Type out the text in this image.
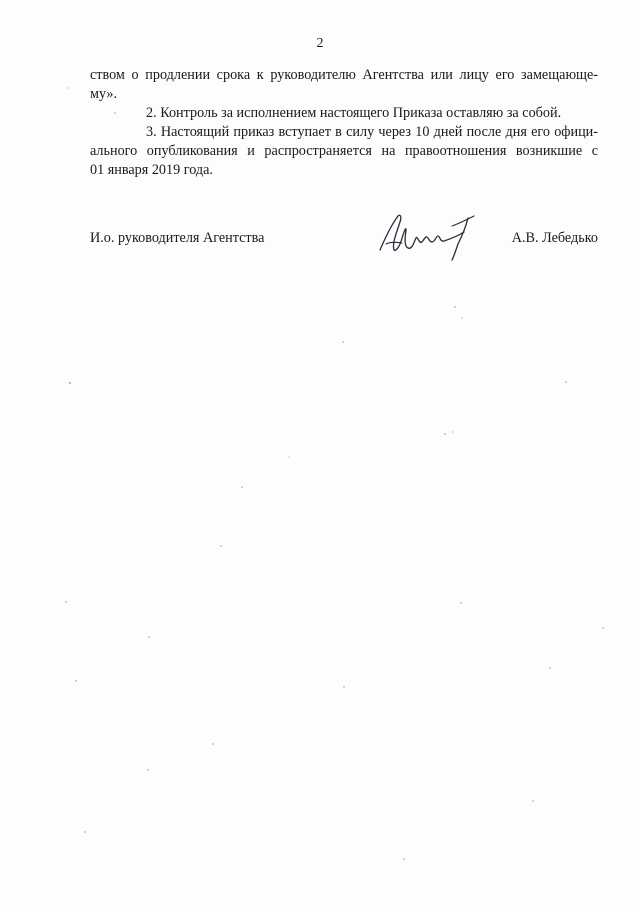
2
ством о продлении срока к руководителю Агентства или лицу его замещающе-
му».
2. Контроль за исполнением настоящего Приказа оставляю за собой.
3. Настоящий приказ вступает в силу через 10 дней после дня его офици-
ального опубликования и распространяется на правоотношения возникшие с
01 января 2019 года.
И.о. руководителя Агентства	А.В. Лебедько
